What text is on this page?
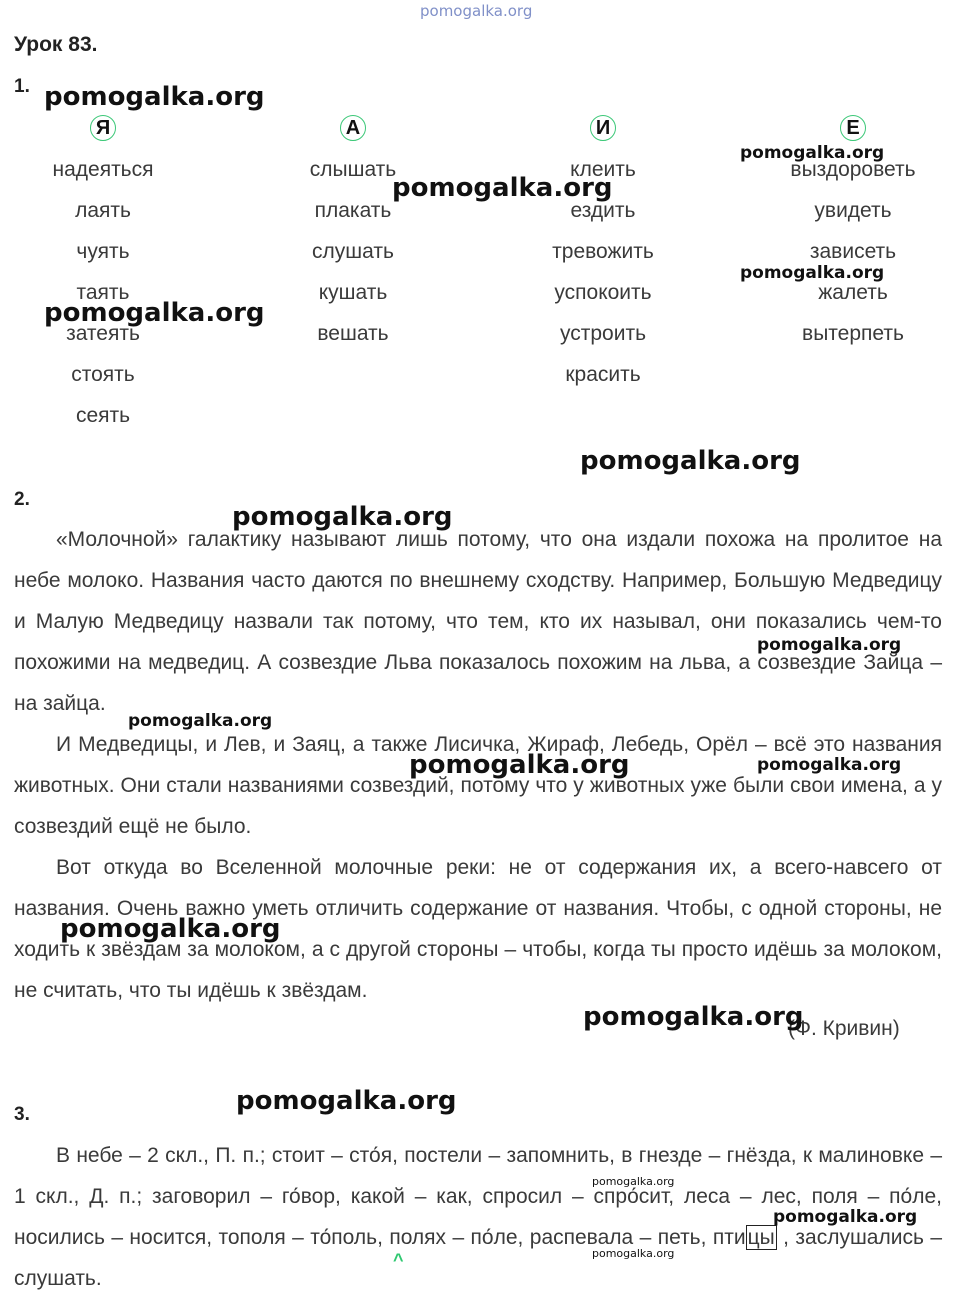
pomogalka.org
Урок 83.
1.
Я
надеяться
лаять
чуять
таять
затеять
стоять
сеять
А
слышать
плакать
слушать
кушать
вешать
И
клеить
ездить
тревожить
успокоить
устроить
красить
Е
выздороветь
увидеть
зависеть
жалеть
вытерпеть
2.

«Молочной» галактику называют лишь потому, что она издали похожа на пролитое на небе молоко. Названия часто даются по внешнему сходству. Например, Большую Медведицу и Малую Медведицу назвали так потому, что тем, кто их называл, они показались чем-то похожими на медведиц. А созвездие Льва показалось похожим на льва, а созвездие Зайца – на зайца.

И Медведицы, и Лев, и Заяц, а также Лисичка, Жираф, Лебедь, Орёл – всё это названия животных. Они стали названиями созвездий, потому что у животных уже были свои имена, а у созвездий ещё не было.

Вот откуда во Вселенной молочные реки: не от содержания их, а всего-навсего от названия. Очень важно уметь отличить содержание от названия. Чтобы, с одной стороны, не ходить к звёздам за молоком, а с другой стороны – чтобы, когда ты просто идёшь за молоком, не считать, что ты идёшь к звёздам.

(Ф. Кривин)
3.

В небе – 2 скл., П. п.; стоит – сто́я, постели – запомнить, в гнезде – гнёзда, к малиновке – 1 скл., Д. п.; заговорил – го́вор, какой – как, спросил – спро́сит, леса – лес, поля – по́ле, носились – носится, тополя – то́поль, полях – по́ле, распевала – петь, птицы , заслушались – слушать.

^
pomogalka.org
pomogalka.org
pomogalka.org
pomogalka.org
pomogalka.org
pomogalka.org
pomogalka.org
pomogalka.org
pomogalka.org
pomogalka.org
pomogalka.org
pomogalka.org
pomogalka.org
pomogalka.org
pomogalka.org
pomogalka.org
pomogalka.org
